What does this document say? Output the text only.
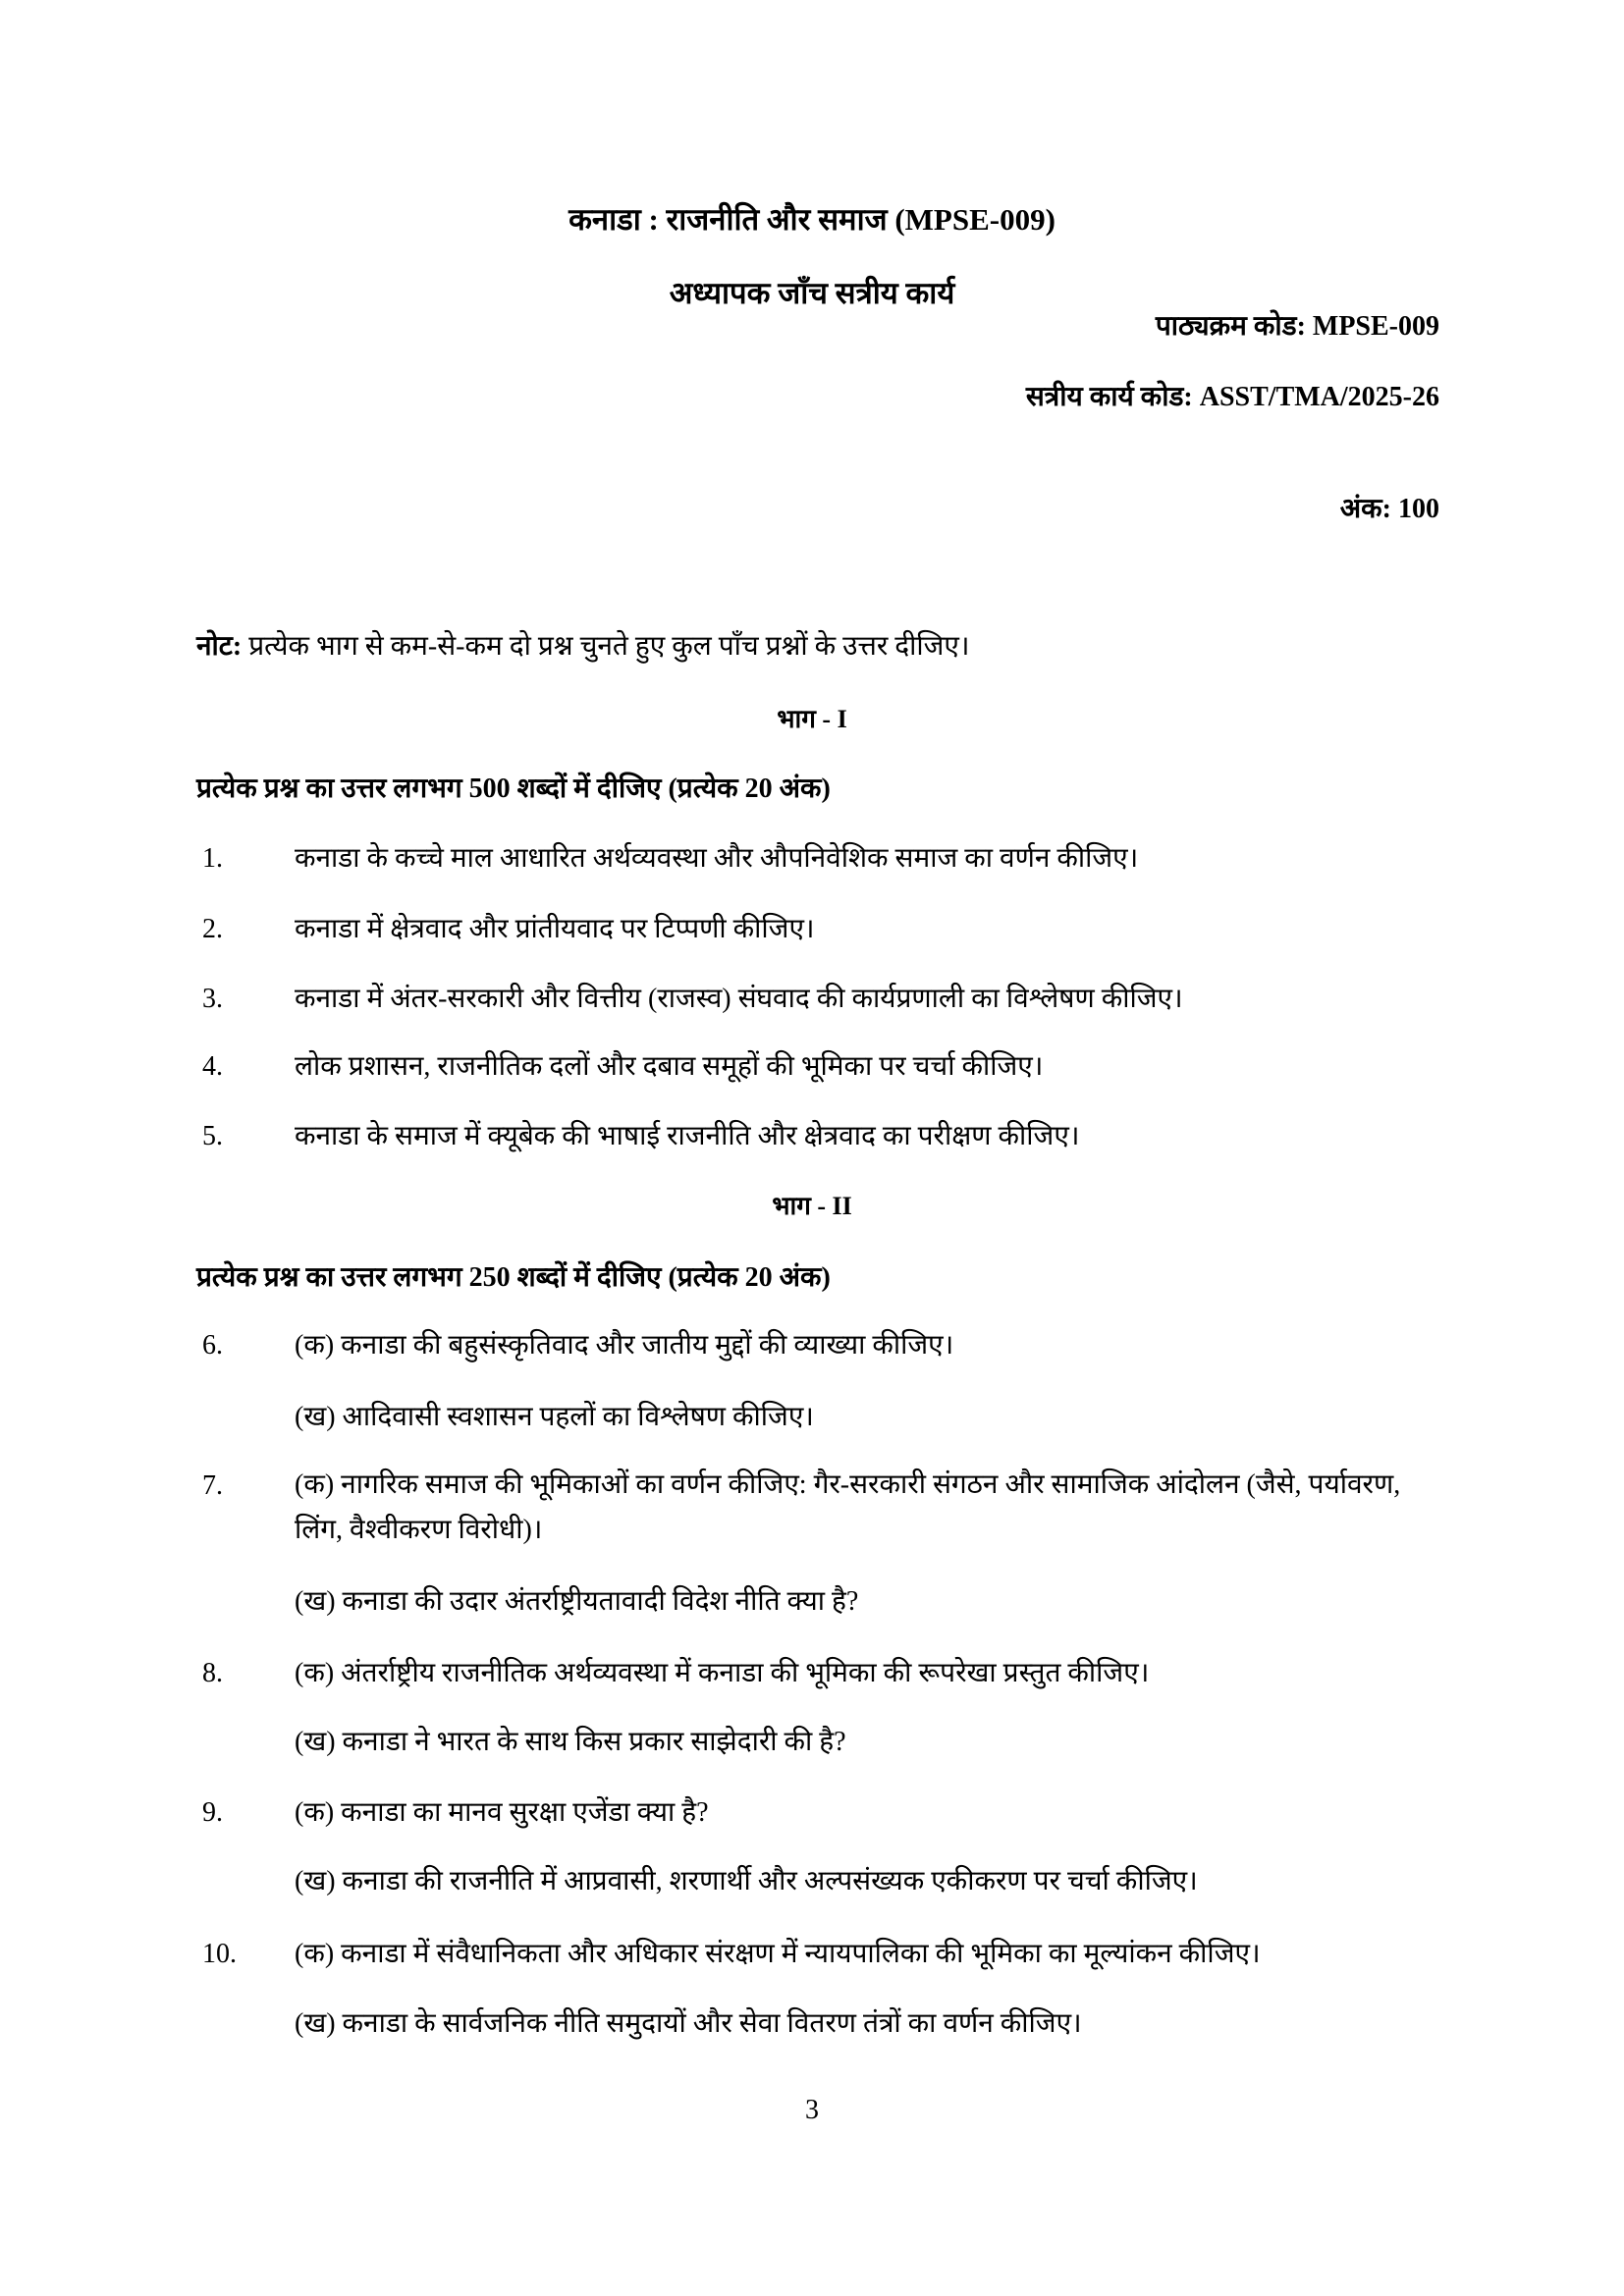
कनाडा : राजनीति और समाज (MPSE-009)
अध्यापक जाँच सत्रीय कार्य
पाठ्यक्रम कोड: MPSE-009
सत्रीय कार्य कोड: ASST/TMA/2025-26
अंक: 100
नोट: प्रत्येक भाग से कम-से-कम दो प्रश्न चुनते हुए कुल पाँच प्रश्नों के उत्तर दीजिए।
भाग - I
प्रत्येक प्रश्न का उत्तर लगभग 500 शब्दों में दीजिए (प्रत्येक 20 अंक)
1.	कनाडा के कच्चे माल आधारित अर्थव्यवस्था और औपनिवेशिक समाज का वर्णन कीजिए।
2.	कनाडा में क्षेत्रवाद और प्रांतीयवाद पर टिप्पणी कीजिए।
3.	कनाडा में अंतर-सरकारी और वित्तीय (राजस्व) संघवाद की कार्यप्रणाली का विश्लेषण कीजिए।
4.	लोक प्रशासन, राजनीतिक दलों और दबाव समूहों की भूमिका पर चर्चा कीजिए।
5.	कनाडा के समाज में क्यूबेक की भाषाई राजनीति और क्षेत्रवाद का परीक्षण कीजिए।
भाग - II
प्रत्येक प्रश्न का उत्तर लगभग 250 शब्दों में दीजिए (प्रत्येक 20 अंक)
6.	(क) कनाडा की बहुसंस्कृतिवाद और जातीय मुद्दों की व्याख्या कीजिए।
(ख) आदिवासी स्वशासन पहलों का विश्लेषण कीजिए।
7.	(क) नागरिक समाज की भूमिकाओं का वर्णन कीजिए: गैर-सरकारी संगठन और सामाजिक आंदोलन (जैसे, पर्यावरण, लिंग, वैश्वीकरण विरोधी)।
(ख) कनाडा की उदार अंतर्राष्ट्रीयतावादी विदेश नीति क्या है?
8.	(क) अंतर्राष्ट्रीय राजनीतिक अर्थव्यवस्था में कनाडा की भूमिका की रूपरेखा प्रस्तुत कीजिए।
(ख) कनाडा ने भारत के साथ किस प्रकार साझेदारी की है?
9.	(क) कनाडा का मानव सुरक्षा एजेंडा क्या है?
(ख) कनाडा की राजनीति में आप्रवासी, शरणार्थी और अल्पसंख्यक एकीकरण पर चर्चा कीजिए।
10. (क) कनाडा में संवैधानिकता और अधिकार संरक्षण में न्यायपालिका की भूमिका का मूल्यांकन कीजिए।
(ख) कनाडा के सार्वजनिक नीति समुदायों और सेवा वितरण तंत्रों का वर्णन कीजिए।
3
